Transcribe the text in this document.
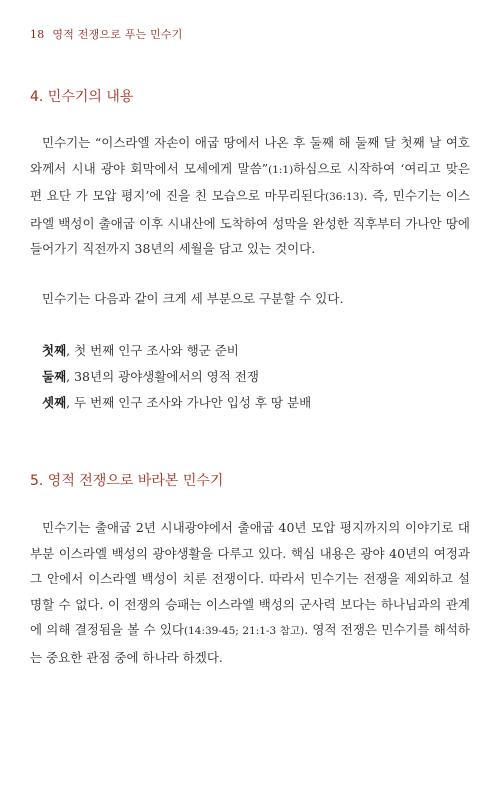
18 영적 전쟁으로 푸는 민수기
4. 민수기의 내용

민수기는 “이스라엘 자손이 애굽 땅에서 나온 후 둘째 해 둘째 달 첫째 날 여호와께서 시내 광야 회막에서 모세에게 말씀”(1:1)하심으로 시작하여 ‘여리고 맞은편 요단 가 모압 평지’에 진을 친 모습으로 마무리된다(36:13). 즉, 민수기는 이스라엘 백성이 출애굽 이후 시내산에 도착하여 성막을 완성한 직후부터 가나안 땅에 들어가기 직전까지 38년의 세월을 담고 있는 것이다.

민수기는 다음과 같이 크게 세 부분으로 구분할 수 있다.

첫째, 첫 번째 인구 조사와 행군 준비
둘째, 38년의 광야생활에서의 영적 전쟁
셋째, 두 번째 인구 조사와 가나안 입성 후 땅 분배
5. 영적 전쟁으로 바라본 민수기

민수기는 출애굽 2년 시내광야에서 출애굽 40년 모압 평지까지의 이야기로 대부분 이스라엘 백성의 광야생활을 다루고 있다. 핵심 내용은 광야 40년의 여정과 그 안에서 이스라엘 백성이 치룬 전쟁이다. 따라서 민수기는 전쟁을 제외하고 설명할 수 없다. 이 전쟁의 승패는 이스라엘 백성의 군사력 보다는 하나님과의 관계에 의해 결정됨을 볼 수 있다(14:39-45; 21:1-3 참고). 영적 전쟁은 민수기를 해석하는 중요한 관점 중에 하나라 하겠다.
